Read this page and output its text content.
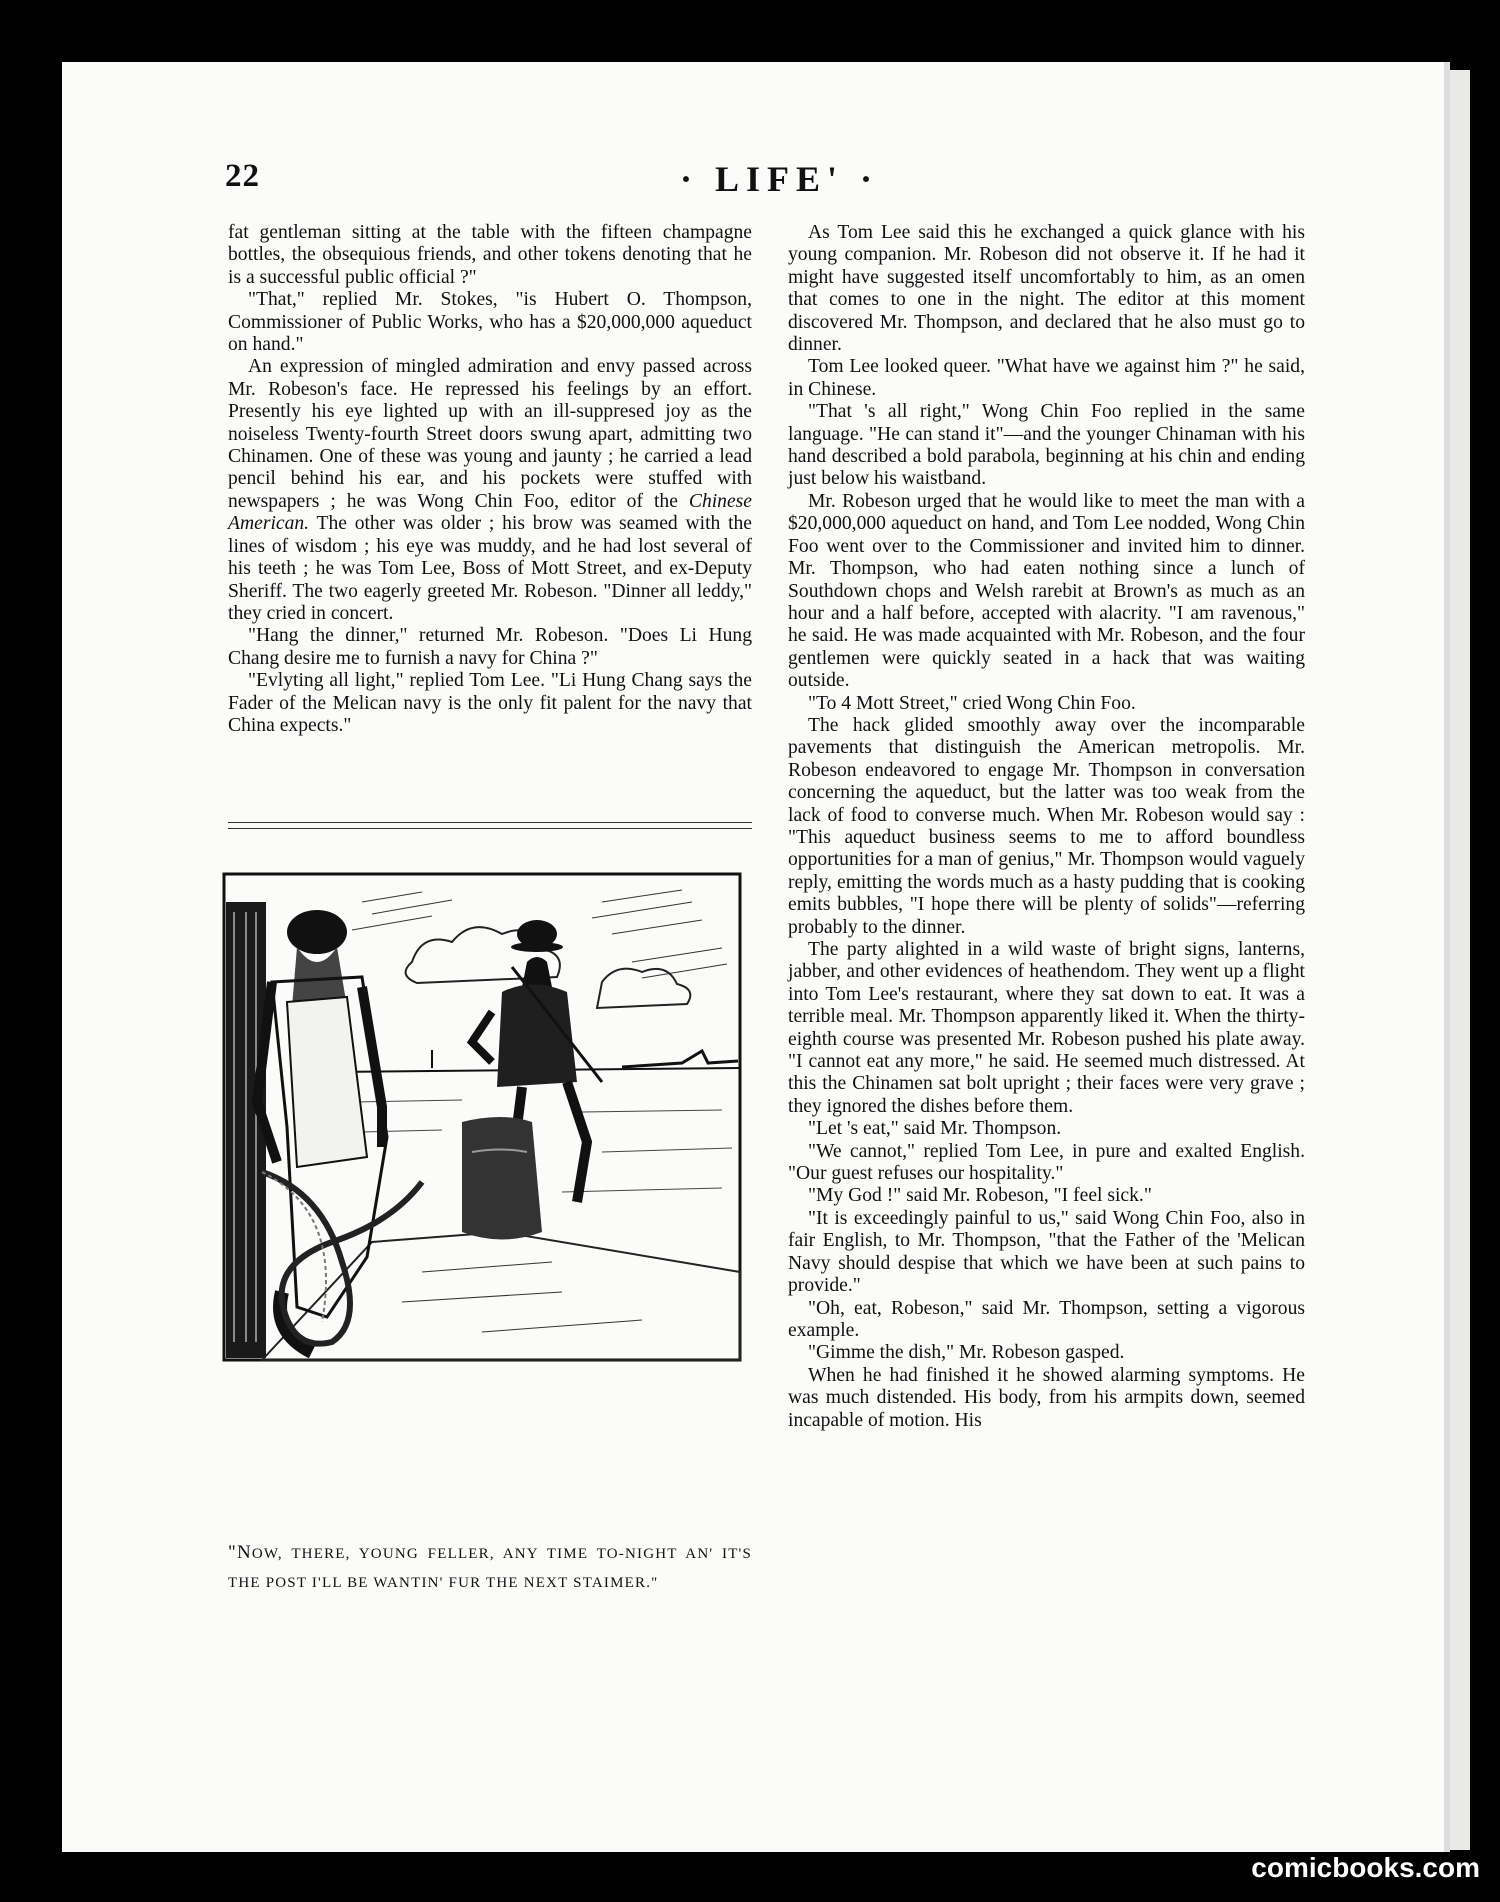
22	· LIFE' ·

fat gentleman sitting at the table with the fifteen champagne bottles, the obsequious friends, and other tokens denoting that he is a successful public official ?"

"That," replied Mr. Stokes, "is Hubert O. Thompson, Commissioner of Public Works, who has a $20,000,000 aqueduct on hand."

An expression of mingled admiration and envy passed across Mr. Robeson's face. He repressed his feelings by an effort. Presently his eye lighted up with an ill-suppresed joy as the noiseless Twenty-fourth Street doors swung apart, admitting two Chinamen. One of these was young and jaunty ; he carried a lead pencil behind his ear, and his pockets were stuffed with newspapers ; he was Wong Chin Foo, editor of the Chinese American. The other was older ; his brow was seamed with the lines of wisdom ; his eye was muddy, and he had lost several of his teeth ; he was Tom Lee, Boss of Mott Street, and ex-Deputy Sheriff. The two eagerly greeted Mr. Robeson. "Dinner all leddy," they cried in concert.

"Hang the dinner," returned Mr. Robeson. "Does Li Hung Chang desire me to furnish a navy for China ?"

"Evlyting all light," replied Tom Lee. "Li Hung Chang says the Fader of the Melican navy is the only fit palent for the navy that China expects."

"NOW, THERE, YOUNG FELLER, ANY TIME TO-NIGHT AN' IT'S THE POST I'LL BE WANTIN' FUR THE NEXT STAIMER."

As Tom Lee said this he exchanged a quick glance with his young companion. Mr. Robeson did not observe it. If he had it might have suggested itself uncomfortably to him, as an omen that comes to one in the night. The editor at this moment discovered Mr. Thompson, and declared that he also must go to dinner.

Tom Lee looked queer. "What have we against him ?" he said, in Chinese.

"That 's all right," Wong Chin Foo replied in the same language. "He can stand it"—and the younger Chinaman with his hand described a bold parabola, beginning at his chin and ending just below his waistband.

Mr. Robeson urged that he would like to meet the man with a $20,000,000 aqueduct on hand, and Tom Lee nodded, Wong Chin Foo went over to the Commissioner and invited him to dinner. Mr. Thompson, who had eaten nothing since a lunch of Southdown chops and Welsh rarebit at Brown's as much as an hour and a half before, accepted with alacrity. "I am ravenous," he said. He was made acquainted with Mr. Robeson, and the four gentlemen were quickly seated in a hack that was waiting outside.

"To 4 Mott Street," cried Wong Chin Foo.

The hack glided smoothly away over the incomparable pavements that distinguish the American metropolis. Mr. Robeson endeavored to engage Mr. Thompson in conversation concerning the aqueduct, but the latter was too weak from the lack of food to converse much. When Mr. Robeson would say : "This aqueduct business seems to me to afford boundless opportunities for a man of genius," Mr. Thompson would vaguely reply, emitting the words much as a hasty pudding that is cooking emits bubbles, "I hope there will be plenty of solids"—referring probably to the dinner.

The party alighted in a wild waste of bright signs, lanterns, jabber, and other evidences of heathendom. They went up a flight into Tom Lee's restaurant, where they sat down to eat. It was a terrible meal. Mr. Thompson apparently liked it. When the thirty-eighth course was presented Mr. Robeson pushed his plate away. "I cannot eat any more," he said. He seemed much distressed. At this the Chinamen sat bolt upright ; their faces were very grave ; they ignored the dishes before them.

"Let 's eat," said Mr. Thompson.

"We cannot," replied Tom Lee, in pure and exalted English. "Our guest refuses our hospitality."

"My God !" said Mr. Robeson, "I feel sick."

"It is exceedingly painful to us," said Wong Chin Foo, also in fair English, to Mr. Thompson, "that the Father of the 'Melican Navy should despise that which we have been at such pains to provide."

"Oh, eat, Robeson," said Mr. Thompson, setting a vigorous example.

"Gimme the dish," Mr. Robeson gasped.

When he had finished it he showed alarming symptoms. He was much distended. His body, from his armpits down, seemed incapable of motion. His

comicbooks.com
